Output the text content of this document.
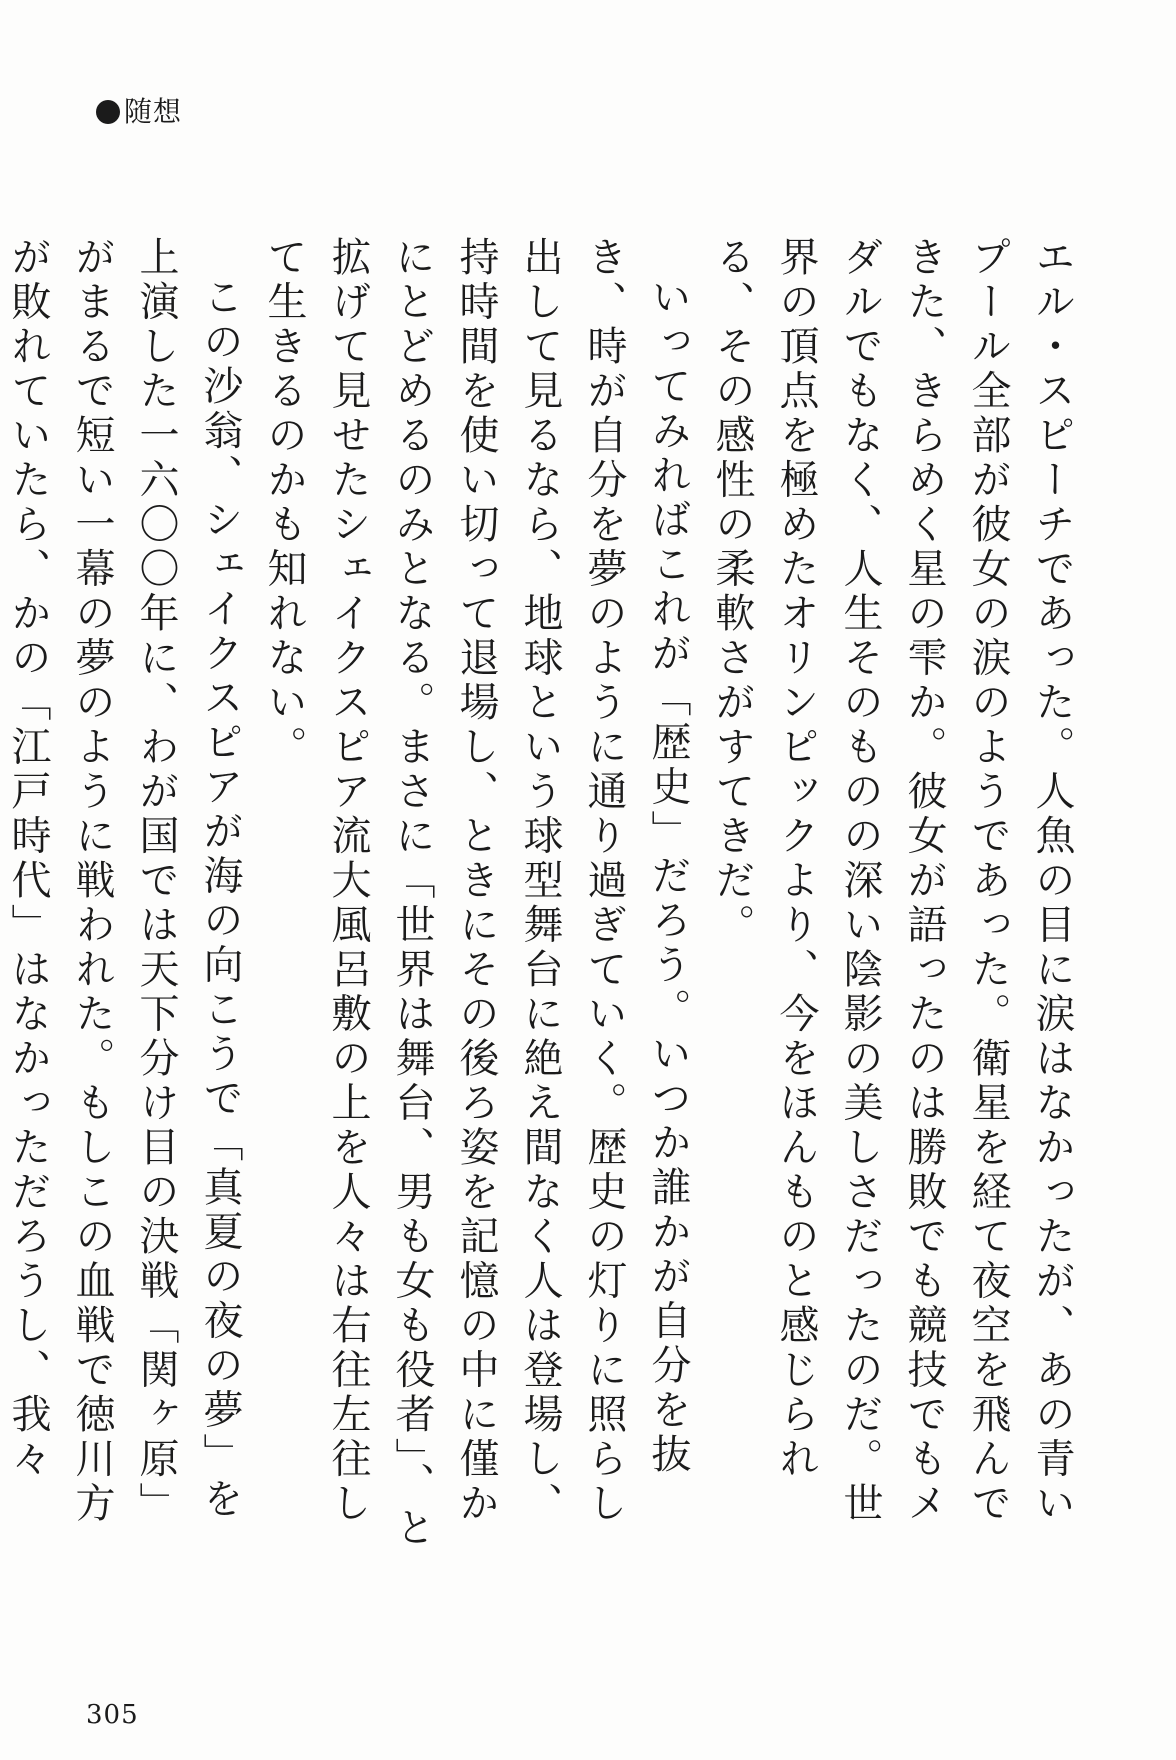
随想

エル・スピーチであった。人魚の目に涙はなかったが、あの青いプール全部が彼女の涙のようであった。衛星を経て夜空を飛んできた、きらめく星の雫か。彼女が語ったのは勝敗でも競技でもメダルでもなく、人生そのものの深い陰影の美しさだったのだ。世界の頂点を極めたオリンピックより、今をほんものと感じられる、その感性の柔軟さがすてきだ。

いってみればこれが「歴史」だろう。いつか誰かが自分を抜き、時が自分を夢のように通り過ぎていく。歴史の灯りに照らし出して見るなら、地球という球型舞台に絶え間なく人は登場し、持時間を使い切って退場し、ときにその後ろ姿を記憶の中に僅かにとどめるのみとなる。まさに「世界は舞台、男も女も役者」、と拡げて見せたシェイクスピア流大風呂敷の上を人々は右往左往して生きるのかも知れない。

この沙翁、シェイクスピアが海の向こうで「真夏の夜の夢」を上演した一六〇〇年に、わが国では天下分け目の決戦「関ヶ原」がまるで短い一幕の夢のように戦われた。もしこの血戦で徳川方が敗れていたら、かの「江戸時代」はなかっただろうし、我々

305
